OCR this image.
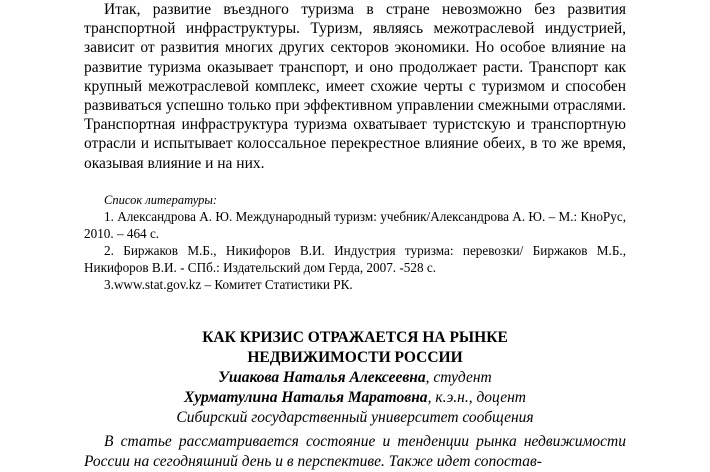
Итак, развитие въездного туризма в стране невозможно без развития транспортной инфраструктуры. Туризм, являясь межотраслевой индустрией, зависит от развития многих других секторов экономики. Но особое влияние на развитие туризма оказывает транспорт, и оно продолжает расти. Транспорт как крупный межотраслевой комплекс, имеет схожие черты с туризмом и способен развиваться успешно только при эффективном управлении смежными отраслями. Транспортная инфраструктура туризма охватывает туристскую и транспортную отрасли и испытывает колоссальное перекрестное влияние обеих, в то же время, оказывая влияние и на них.

Список литературы:

1. Александрова А. Ю. Международный туризм: учебник/Александрова А. Ю. – М.: КноРус, 2010. – 464 с.

2. Биржаков М.Б., Никифоров В.И. Индустрия туризма: перевозки/ Биржаков М.Б., Никифоров В.И. - СПб.: Издательский дом Герда, 2007. -528 с.

3.www.stat.gov.kz – Комитет Статистики РК.

КАК КРИЗИС ОТРАЖАЕТСЯ НА РЫНКЕ

НЕДВИЖИМОСТИ РОССИИ

Ушакова Наталья Алексеевна, студент

Хурматулина Наталья Маратовна, к.э.н., доцент

Сибирский государственный университет сообщения

В статье рассматривается состояние и тенденции рынка недвижимости России на сегодняшний день и в перспективе. Также идет сопостав-
